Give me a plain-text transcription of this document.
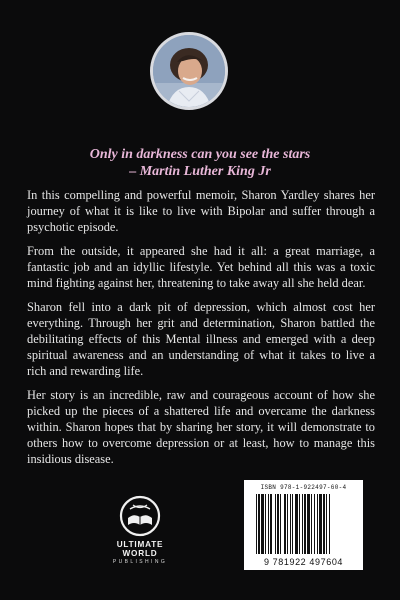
Only in darkness can you see the stars
– Martin Luther King Jr

In this compelling and powerful memoir, Sharon Yardley shares her journey of what it is like to live with Bipolar and suffer through a psychotic episode.

From the outside, it appeared she had it all: a great marriage, a fantastic job and an idyllic lifestyle. Yet behind all this was a toxic mind fighting against her, threatening to take away all she held dear.

Sharon fell into a dark pit of depression, which almost cost her everything. Through her grit and determination, Sharon battled the debilitating effects of this Mental illness and emerged with a deep spiritual awareness and an understanding of what it takes to live a rich and rewarding life.

Her story is an incredible, raw and courageous account of how she picked up the pieces of a shattered life and overcame the darkness within. Sharon hopes that by sharing her story, it will demonstrate to others how to overcome depression or at least, how to manage this insidious disease.

ULTIMATE WORLD
PUBLISHING
ISBN 978-1-922497-60-4
9 781922 497604
